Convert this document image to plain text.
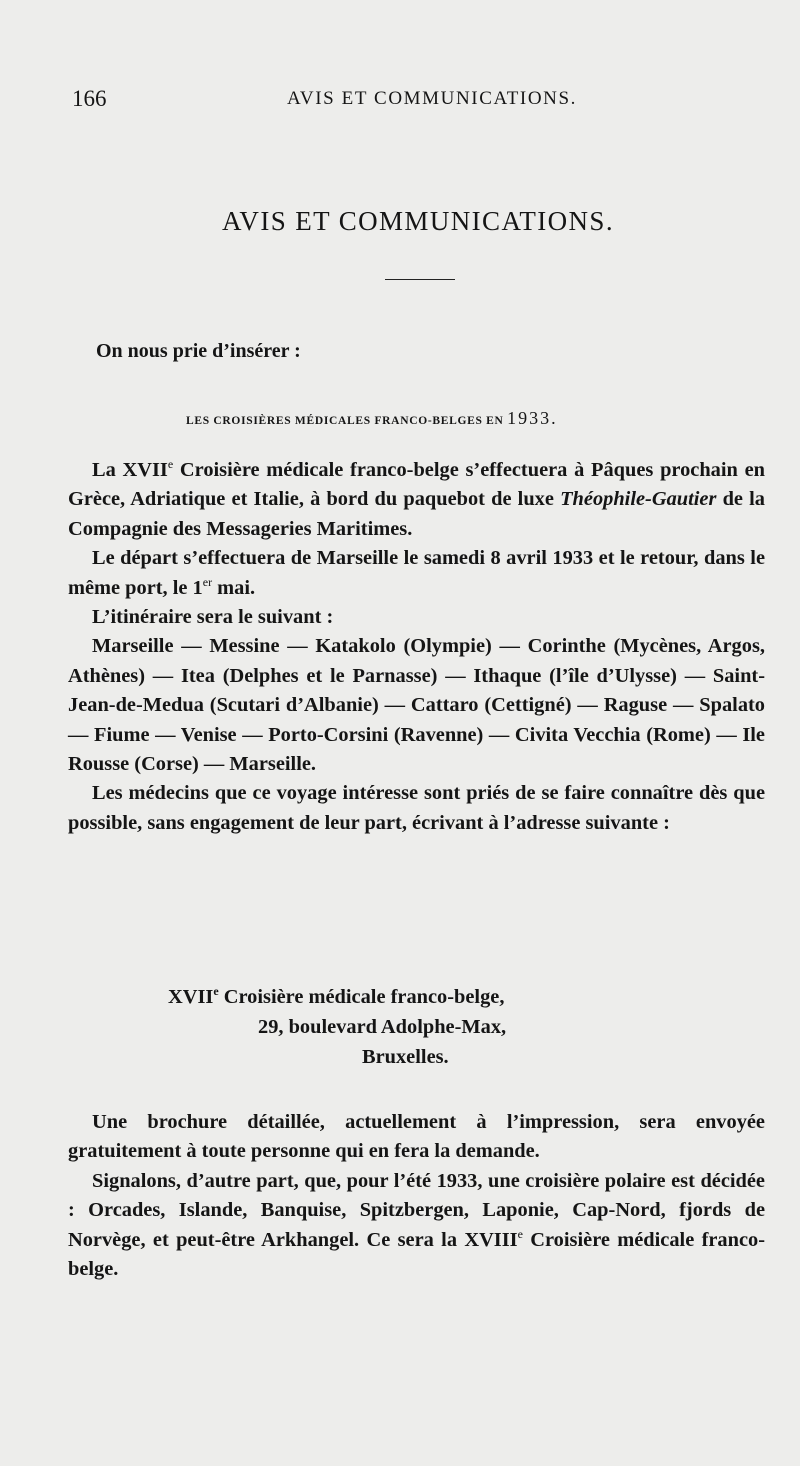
166	AVIS ET COMMUNICATIONS.
AVIS ET COMMUNICATIONS.
On nous prie d’insérer :
LES CROISIÈRES MÉDICALES FRANCO-BELGES EN 1933.

La XVIIe Croisière médicale franco-belge s’effectuera à Pâques prochain en Grèce, Adriatique et Italie, à bord du paquebot de luxe Théophile-Gautier de la Compagnie des Messageries Maritimes.

Le départ s’effectuera de Marseille le samedi 8 avril 1933 et le retour, dans le même port, le 1er mai.

L’itinéraire sera le suivant :

Marseille — Messine — Katakolo (Olympie) — Corinthe (Mycènes, Argos, Athènes) — Itea (Delphes et le Parnasse) — Ithaque (l’île d’Ulysse) — Saint-Jean-de-Medua (Scutari d’Albanie) — Cattaro (Cettigné) — Raguse — Spalato — Fiume — Venise — Porto-Corsini (Ravenne) — Civita Vecchia (Rome) — Ile Rousse (Corse) — Marseille.

Les médecins que ce voyage intéresse sont priés de se faire connaître dès que possible, sans engagement de leur part, écrivant à l’adresse suivante :

XVIIe Croisière médicale franco-belge,
29, boulevard Adolphe-Max,
Bruxelles.

Une brochure détaillée, actuellement à l’impression, sera envoyée gratuitement à toute personne qui en fera la demande.

Signalons, d’autre part, que, pour l’été 1933, une croisière polaire est décidée : Orcades, Islande, Banquise, Spitzbergen, Laponie, Cap-Nord, fjords de Norvège, et peut-être Arkhangel. Ce sera la XVIIIe Croisière médicale franco-belge.
